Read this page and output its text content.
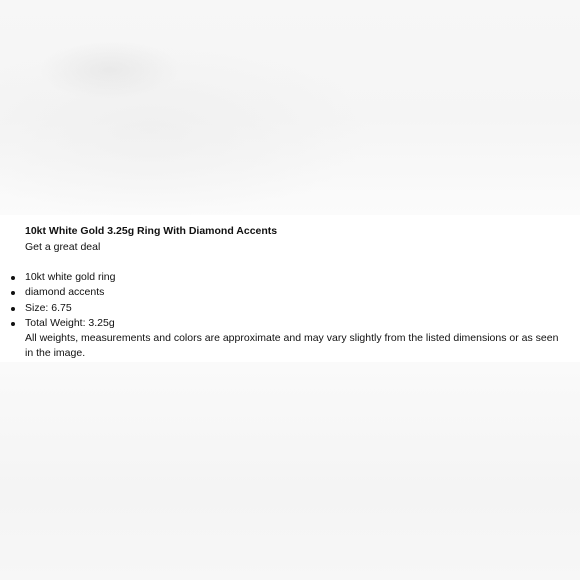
10kt White Gold 3.25g Ring With Diamond Accents

Get a great deal

10kt white gold ring
diamond accents
Size: 6.75
Total Weight: 3.25g

All weights, measurements and colors are approximate and may vary slightly from the listed dimensions or as seen in the image.
